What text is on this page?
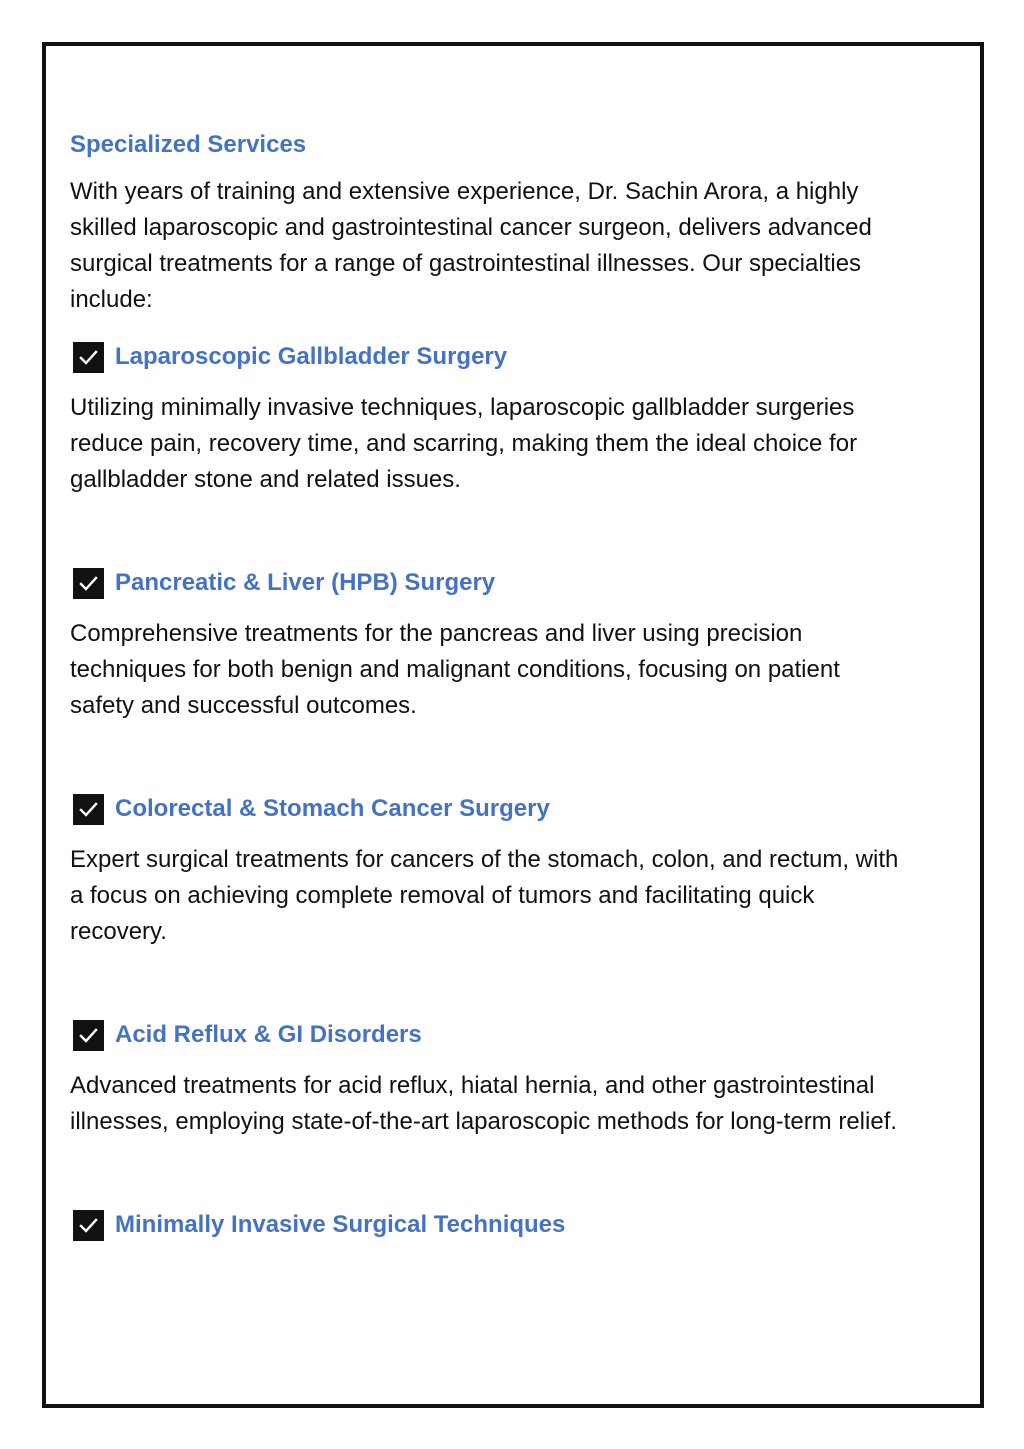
Specialized Services

With years of training and extensive experience, Dr. Sachin Arora, a highly skilled laparoscopic and gastrointestinal cancer surgeon, delivers advanced surgical treatments for a range of gastrointestinal illnesses. Our specialties include:

Laparoscopic Gallbladder Surgery

Utilizing minimally invasive techniques, laparoscopic gallbladder surgeries reduce pain, recovery time, and scarring, making them the ideal choice for gallbladder stone and related issues.

Pancreatic & Liver (HPB) Surgery

Comprehensive treatments for the pancreas and liver using precision techniques for both benign and malignant conditions, focusing on patient safety and successful outcomes.

Colorectal & Stomach Cancer Surgery

Expert surgical treatments for cancers of the stomach, colon, and rectum, with a focus on achieving complete removal of tumors and facilitating quick recovery.

Acid Reflux & GI Disorders

Advanced treatments for acid reflux, hiatal hernia, and other gastrointestinal illnesses, employing state-of-the-art laparoscopic methods for long-term relief.

Minimally Invasive Surgical Techniques
